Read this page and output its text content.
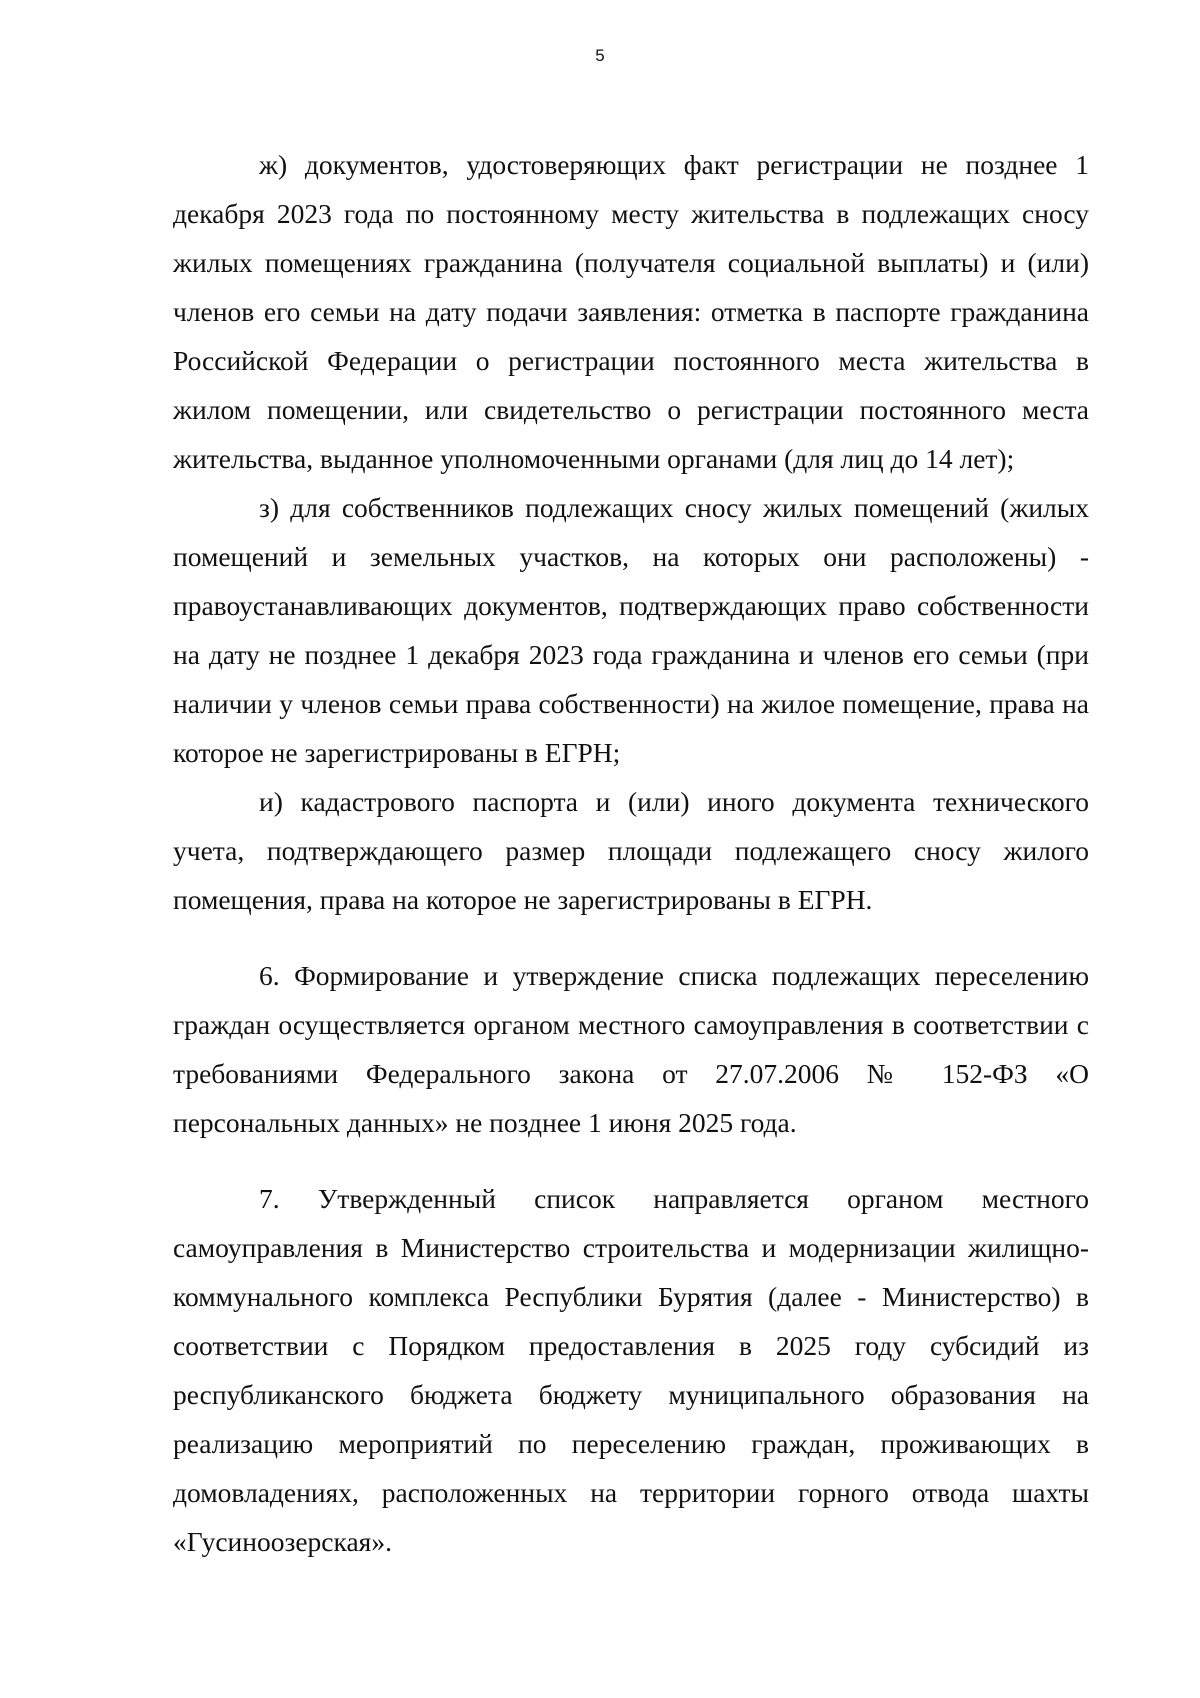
5

ж) документов, удостоверяющих факт регистрации не позднее 1 декабря 2023 года по постоянному месту жительства в подлежащих сносу жилых помещениях гражданина (получателя социальной выплаты) и (или) членов его семьи на дату подачи заявления: отметка в паспорте гражданина Российской Федерации о регистрации постоянного места жительства в жилом помещении, или свидетельство о регистрации постоянного места жительства, выданное уполномоченными органами (для лиц до 14 лет);

з) для собственников подлежащих сносу жилых помещений (жилых помещений и земельных участков, на которых они расположены) - правоустанавливающих документов, подтверждающих право собственности на дату не позднее 1 декабря 2023 года гражданина и членов его семьи (при наличии у членов семьи права собственности) на жилое помещение, права на которое не зарегистрированы в ЕГРН;

и) кадастрового паспорта и (или) иного документа технического учета, подтверждающего размер площади подлежащего сносу жилого помещения, права на которое не зарегистрированы в ЕГРН.

6. Формирование и утверждение списка подлежащих переселению граждан осуществляется органом местного самоуправления в соответствии с требованиями Федерального закона от 27.07.2006 № 152-ФЗ «О персональных данных» не позднее 1 июня 2025 года.

7. Утвержденный список направляется органом местного самоуправления в Министерство строительства и модернизации жилищно-коммунального комплекса Республики Бурятия (далее - Министерство) в соответствии с Порядком предоставления в 2025 году субсидий из республиканского бюджета бюджету муниципального образования на реализацию мероприятий по переселению граждан, проживающих в домовладениях, расположенных на территории горного отвода шахты «Гусиноозерская».
